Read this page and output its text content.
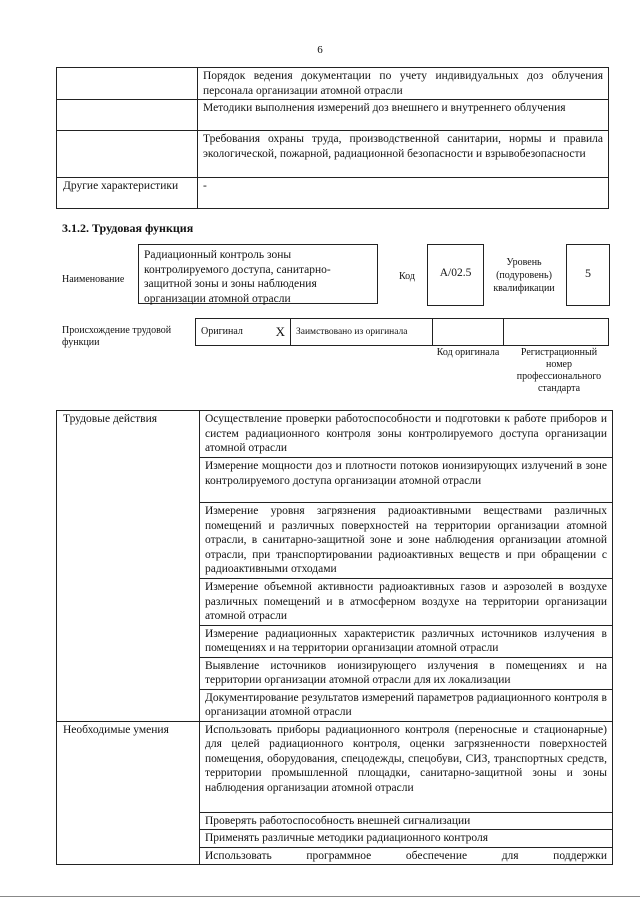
6
	Порядок ведения документации по учету индивидуальных доз облучения персонала организации атомной отрасли
	Методики выполнения измерений доз внешнего и внутреннего облучения
	Требования охраны труда, производственной санитарии, нормы и правила экологической, пожарной, радиационной безопасности и взрывобезопасности
Другие характеристики	-
3.1.2. Трудовая функция
Наименование
Радиационный контроль зоны контролируемого доступа, санитарно-защитной зоны и зоны наблюдения организации атомной отрасли
Код	А/02.5
Уровень (подуровень) квалификации
5
Происхождение трудовой функции
Оригинал	X	Заимствовано из оригинала		
Код оригинала	Регистрационный номер профессионального стандарта
Трудовые действия	Осуществление проверки работоспособности и подготовки к работе приборов и систем радиационного контроля зоны контролируемого доступа организации атомной отрасли
	Измерение мощности доз и плотности потоков ионизирующих излучений в зоне контролируемого доступа организации атомной отрасли
	Измерение уровня загрязнения радиоактивными веществами различных помещений и различных поверхностей на территории организации атомной отрасли, в санитарно-защитной зоне и зоне наблюдения организации атомной отрасли, при транспортировании радиоактивных веществ и при обращении с радиоактивными отходами
	Измерение объемной активности радиоактивных газов и аэрозолей в воздухе различных помещений и в атмосферном воздухе на территории организации атомной отрасли
	Измерение радиационных характеристик различных источников излучения в помещениях и на территории организации атомной отрасли
	Выявление источников ионизирующего излучения в помещениях и на территории организации атомной отрасли для их локализации
	Документирование результатов измерений параметров радиационного контроля в организации атомной отрасли
Необходимые умения	Использовать приборы радиационного контроля (переносные и стационарные) для целей радиационного контроля, оценки загрязненности поверхностей помещения, оборудования, спецодежды, спецобуви, СИЗ, транспортных средств, территории промышленной площадки, санитарно-защитной зоны и зоны наблюдения организации атомной отрасли
	Проверять работоспособность внешней сигнализации
	Применять различные методики радиационного контроля
	Использовать программное обеспечение для поддержки
